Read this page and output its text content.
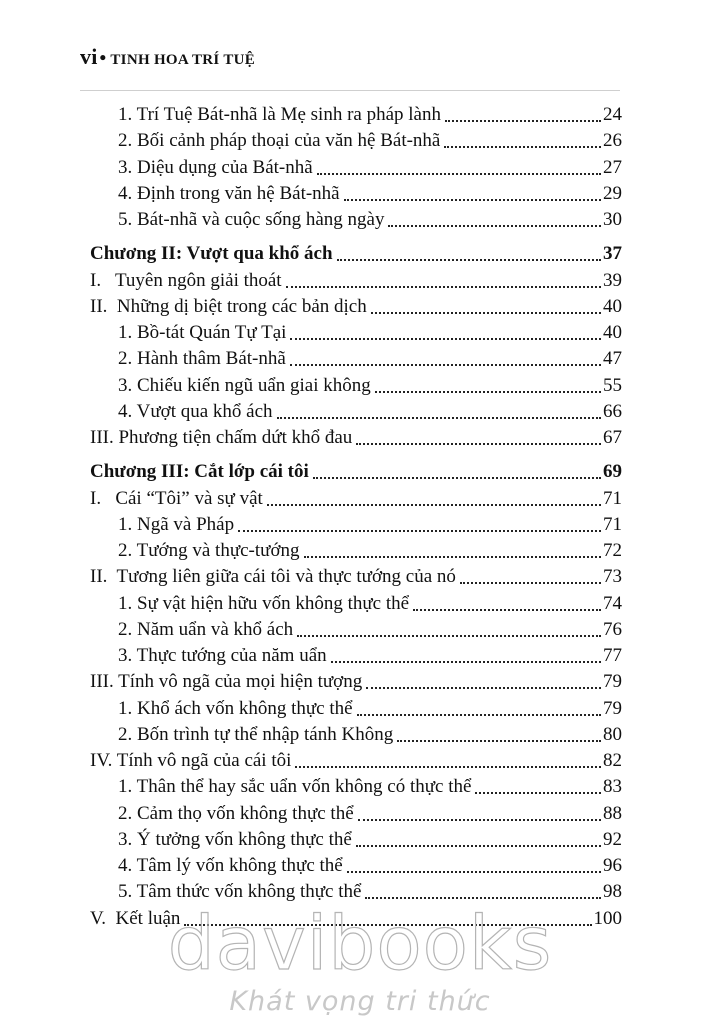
vi • TINH HOA TRÍ TUỆ
1. Trí Tuệ Bát-nhã là Mẹ sinh ra pháp lành	24
2. Bối cảnh pháp thoại của văn hệ Bát-nhã	26
3. Diệu dụng của Bát-nhã	27
4. Định trong văn hệ Bát-nhã	29
5. Bát-nhã và cuộc sống hàng ngày	30
Chương II: Vượt qua khổ ách	37
I.   Tuyên ngôn giải thoát	39
II.  Những dị biệt trong các bản dịch	40
1. Bồ-tát Quán Tự Tại	40
2. Hành thâm Bát-nhã	47
3. Chiếu kiến ngũ uẩn giai không	55
4. Vượt qua khổ ách	66
III. Phương tiện chấm dứt khổ đau	67
Chương III: Cắt lớp cái tôi	69
I.   Cái “Tôi” và sự vật	71
1. Ngã và Pháp	71
2. Tướng và thực-tướng	72
II.  Tương liên giữa cái tôi và thực tướng của nó	73
1. Sự vật hiện hữu vốn không thực thể	74
2. Năm uẩn và khổ ách	76
3. Thực tướng của năm uẩn	77
III. Tính vô ngã của mọi hiện tượng	79
1. Khổ ách vốn không thực thể	79
2. Bốn trình tự thể nhập tánh Không	80
IV. Tính vô ngã của cái tôi	82
1. Thân thể hay sắc uẩn vốn không có thực thể	83
2. Cảm thọ vốn không thực thể	88
3. Ý tưởng vốn không thực thể	92
4. Tâm lý vốn không thực thể	96
5. Tâm thức vốn không thực thể	98
V.  Kết luận	100
davibooks
Khát vọng tri thức
